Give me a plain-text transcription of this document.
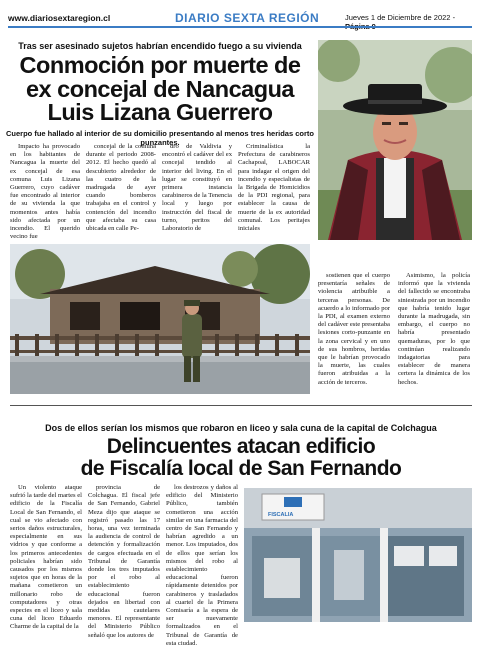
www.diariosextaregion.cl	DIARIO SEXTA REGIÓN	Jueves 1 de Diciembre de 2022 -
Tras ser asesinado sujetos habrían encendido fuego a su vivienda
Conmoción por muerte de
ex concejal de Nancagua
Luis Lizana Guerrero
Cuerpo fue hallado al interior de su domicilio presentando al menos tres heridas corto punzantes.

Impacto ha provocado en los habitantes de Nancagua la muerte del ex concejal de esa comuna Luis Lizana Guerrero, cuyo cadáver fue encontrado al interior de su vivienda la que momentos antes había sido afectada por un incendio. El querido vecino fue

concejal de la comuna durante el periodo 2008-2012. El hecho quedó al descubierto alrededor de las cuatro de la madrugada de ayer cuando bomberos trabajaba en el control y contención del incendio que afectaba su casa ubicada en calle Pe-

dro de Valdivia y encontró el cadáver del ex concejal tendido al interior del living. En el lugar se constituyó en primera instancia carabineros de la Tenencia local y luego por instrucción del fiscal de turno, peritos del Laboratorio de

Criminalística la Prefectura de carabineros Cachapoal, LABOCAR para indagar el origen del incendio y especialistas de la Brigada de Homicidios de la PDI regional, para establecer la causa de muerte de la ex autoridad comunal. Los peritajes iniciales

sostienen que el cuerpo presentaría señales de violencia atribuible a terceras personas. De acuerdo a lo informado por la PDI, al examen externo del cadáver este presentaba lesiones corto-punzante en la zona cervical y en uno de sus hombros, heridas que le habrían provocado la muerte, las cuales fueron atribuidas a la acción de terceros.

Asimismo, la policía informó que la vivienda del fallecido se encontraba siniestrada por un incendio que habría tenido lugar durante la madrugada, sin embargo, el cuerpo no habría presentado quemaduras, por lo que continúan realizando indagatorias para establecer de manera certera la dinámica de los hechos.

Dos de ellos serían los mismos que robaron en liceo y sala cuna de la capital de Colchagua
Delincuentes atacan edificio
de Fiscalía local de San Fernando

Un violento ataque sufrió la tarde del martes el edificio de la Fiscalía Local de San Fernando, el cual se vio afectado con serios daños estructurales, especialmente en sus vidrios y que conforme a los primeros antecedentes policiales habrían sido causados por los mismos sujetos que en horas de la mañana cometieron un millonario robo de computadores y otras especies en el liceo y sala cuna del liceo Eduardo Charme de la capital de la

provincia de Colchagua. El fiscal jefe de San Fernando, Gabriel Meza dijo que ataque se registró pasado las 17 horas, una vez terminada la audiencia de control de detención y formalización de cargos efectuada en el Tribunal de Garantía donde los tres imputados por el robo al establecimiento educacional fueron dejados en libertad con medidas cautelares menores. El representante del Ministerio Público señaló que los autores de

los destrozos y daños al edificio del Ministerio Público, también cometieron una acción similar en una farmacia del centro de San Fernando y habrían agredido a un menor. Los imputados, dos de ellos que serían los mismos del robo al establecimiento educacional fueron rápidamente detenidos por carabineros y trasladados al cuartel de la Primera Comisaría a la espera de ser nuevamente formalizados en el Tribunal de Garantía de esta ciudad.

FISCALIA
